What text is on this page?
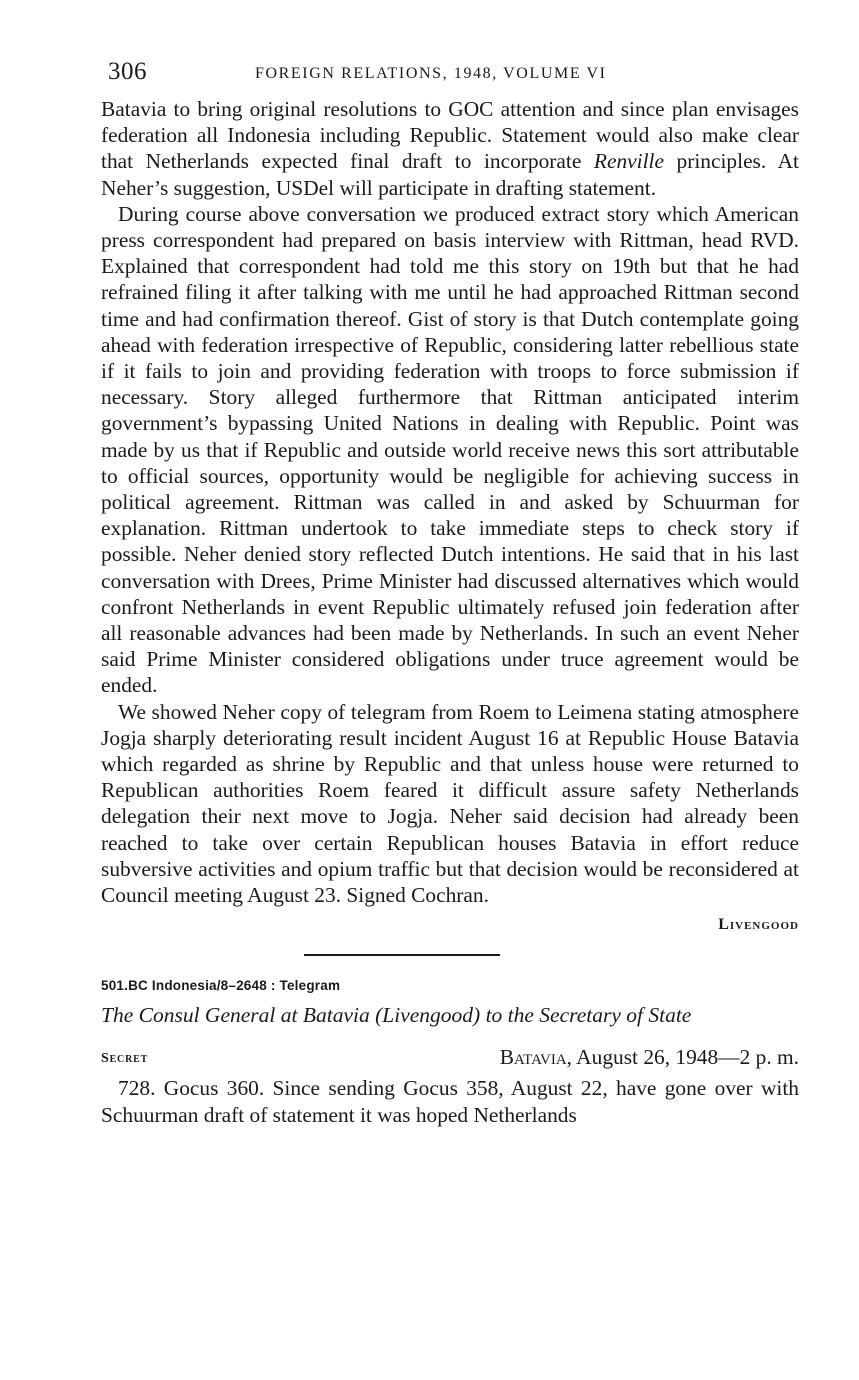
306	FOREIGN RELATIONS, 1948, VOLUME VI

Batavia to bring original resolutions to GOC attention and since plan envisages federation all Indonesia including Republic. Statement would also make clear that Netherlands expected final draft to incorporate Renville principles. At Neher’s suggestion, USDel will participate in drafting statement.

During course above conversation we produced extract story which American press correspondent had prepared on basis interview with Rittman, head RVD. Explained that correspondent had told me this story on 19th but that he had refrained filing it after talking with me until he had approached Rittman second time and had confirmation thereof. Gist of story is that Dutch contemplate going ahead with federation irrespective of Republic, considering latter rebellious state if it fails to join and providing federation with troops to force submission if necessary. Story alleged furthermore that Rittman anticipated interim government’s bypassing United Nations in dealing with Republic. Point was made by us that if Republic and outside world receive news this sort attributable to official sources, opportunity would be negligible for achieving success in political agreement. Rittman was called in and asked by Schuurman for explanation. Rittman undertook to take immediate steps to check story if possible. Neher denied story reflected Dutch intentions. He said that in his last conversation with Drees, Prime Minister had discussed alternatives which would confront Netherlands in event Republic ultimately refused join federation after all reasonable advances had been made by Netherlands. In such an event Neher said Prime Minister considered obligations under truce agreement would be ended.

We showed Neher copy of telegram from Roem to Leimena stating atmosphere Jogja sharply deteriorating result incident August 16 at Republic House Batavia which regarded as shrine by Republic and that unless house were returned to Republican authorities Roem feared it difficult assure safety Netherlands delegation their next move to Jogja. Neher said decision had already been reached to take over certain Republican houses Batavia in effort reduce subversive activities and opium traffic but that decision would be reconsidered at Council meeting August 23. Signed Cochran.

Livengood
501.BC Indonesia/8–2648 : Telegram
The Consul General at Batavia (Livengood) to the Secretary of State
Secret	Batavia, August 26, 1948—2 p. m.

728. Gocus 360. Since sending Gocus 358, August 22, have gone over with Schuurman draft of statement it was hoped Netherlands
